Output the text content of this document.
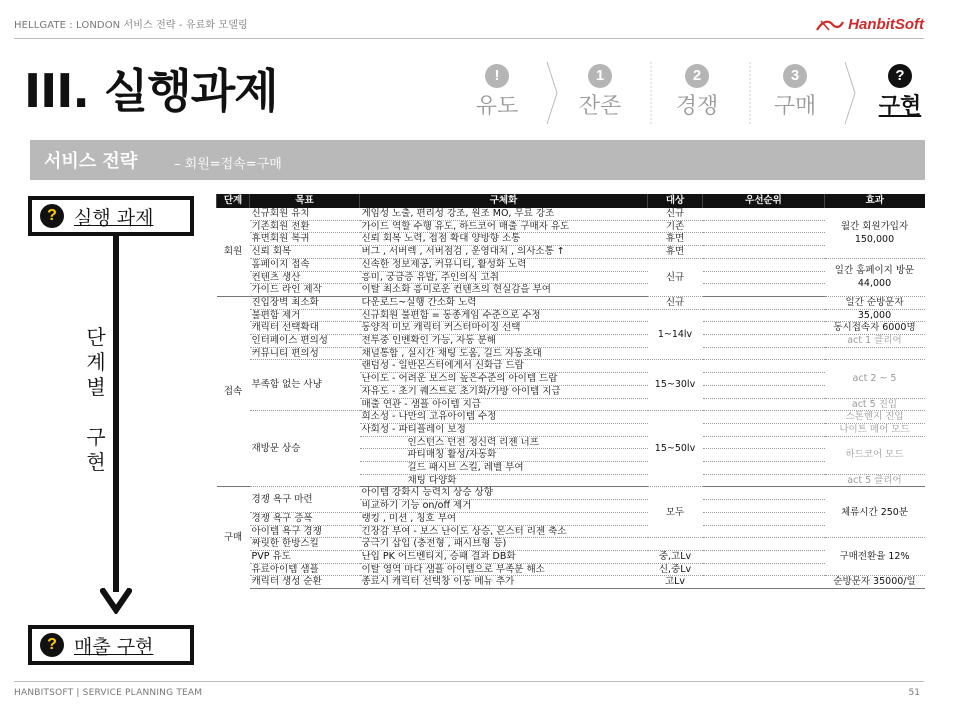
HELLGATE : LONDON 서비스 전략 - 유료화 모델링	HanbitSoft
III. 실행과제	!
유도
1
잔존
2
경쟁
3
구매
?
구현
서비스 전략	– 회원=접속=구매
? 실행 과제
단
계
별

구
현
? 매출 구현
단계	목표	구체화	대상	우선순위	효과
회원	신규회원 유치	게임성 노출, 편리성 강조, 원조 MO, 무료 강조	신규		월간 회원가입자 150,000
	기존회원 전환	가이드 역할 수행 유도, 하드코어 매출 구매자 유도	기존		
	휴면회원 복귀	신뢰 회복 노력, 접점 확대 양방향 소통	휴면		
	신뢰 회복	버그 , 서버렉 , 서버점검 , 운영대처 , 의사소통 ↑	휴면		
	홈페이지 접속	신속한 정보제공, 커뮤니티, 활성화 노력	신규		일간 홈페이지 방문 44,000
	컨텐츠 생산	흥미, 궁금증 유발, 주인의식 고취			
	가이드 라인 제작	이탈 최소화 흥미로운 컨텐츠의 현실감을 부여			
접속	진입장벽 최소화	다운로드~실행 간소화 노력	신규		일간 순방문자
	불편함 제거	신규회원 불편함 = 동종게임 수준으로 수정	1~14lv		35,000
	캐릭터 선택확대	동양적 미모 캐릭터 커스터마이징 선택			동시접속자 6000명
	인터페이스 편의성	전투중 인벤확인 가능, 자동 분해			act 1 클리어
	커뮤니티 편의성	채널통합 , 실시간 채팅 도움, 길드 자동초대			
	부족함 없는 사냥	랜덤성 - 일반몬스터에게서 신화급 드랍	15~30lv		act 2 ~ 5
		난이도 - 어려운 보스의 높은수준의 아이템 드랍			
		자유도 - 초기 퀘스트로 초기화/가방 아이템 지급			
		매출 연관 - 샘플 아이템 지급			act 5 진입
	재방문 상승	희소성 - 나만의 고유아이템 수정	15~50lv		스톤헨지 진입
		사회성 - 파티플레이 보정			나이트 메어 모드
		인스턴스 던전 정신력 리젠 너프			하드코어 모드
		파티매칭 활성/자동화			
		길드 패시브 스킬, 레벨 부여			
		채팅 다양화			act 5 클리어
구매	경쟁 욕구 마련	아이템 강화시 능력치 상승 상향	모두		체류시간 250분
		비교하기 기능 on/off 제거			
	경쟁 욕구 증폭	랭킹 , 미션 , 칭호 부여			
	아이템 욕구 경쟁	긴장감 부여 - 보스 난이도 상승, 몬스터 리젠 축소			
	짜릿한 한방스킬	궁극기 삽입 (충전형 , 패시브형 등)			구매전환율 12%
	PVP 유도	난입 PK 어드벤티지, 승패 결과 DB화	중,고Lv		
	유료아이템 샘플	이탈 영역 마다 샘플 아이템으로 부족분 해소	신,중Lv		
	캐릭터 생성 순환	종료시 캐릭터 선택창 이동 메뉴 추가	고Lv		순방문자 35000/일
HANBITSOFT | SERVICE PLANNING TEAM	51
